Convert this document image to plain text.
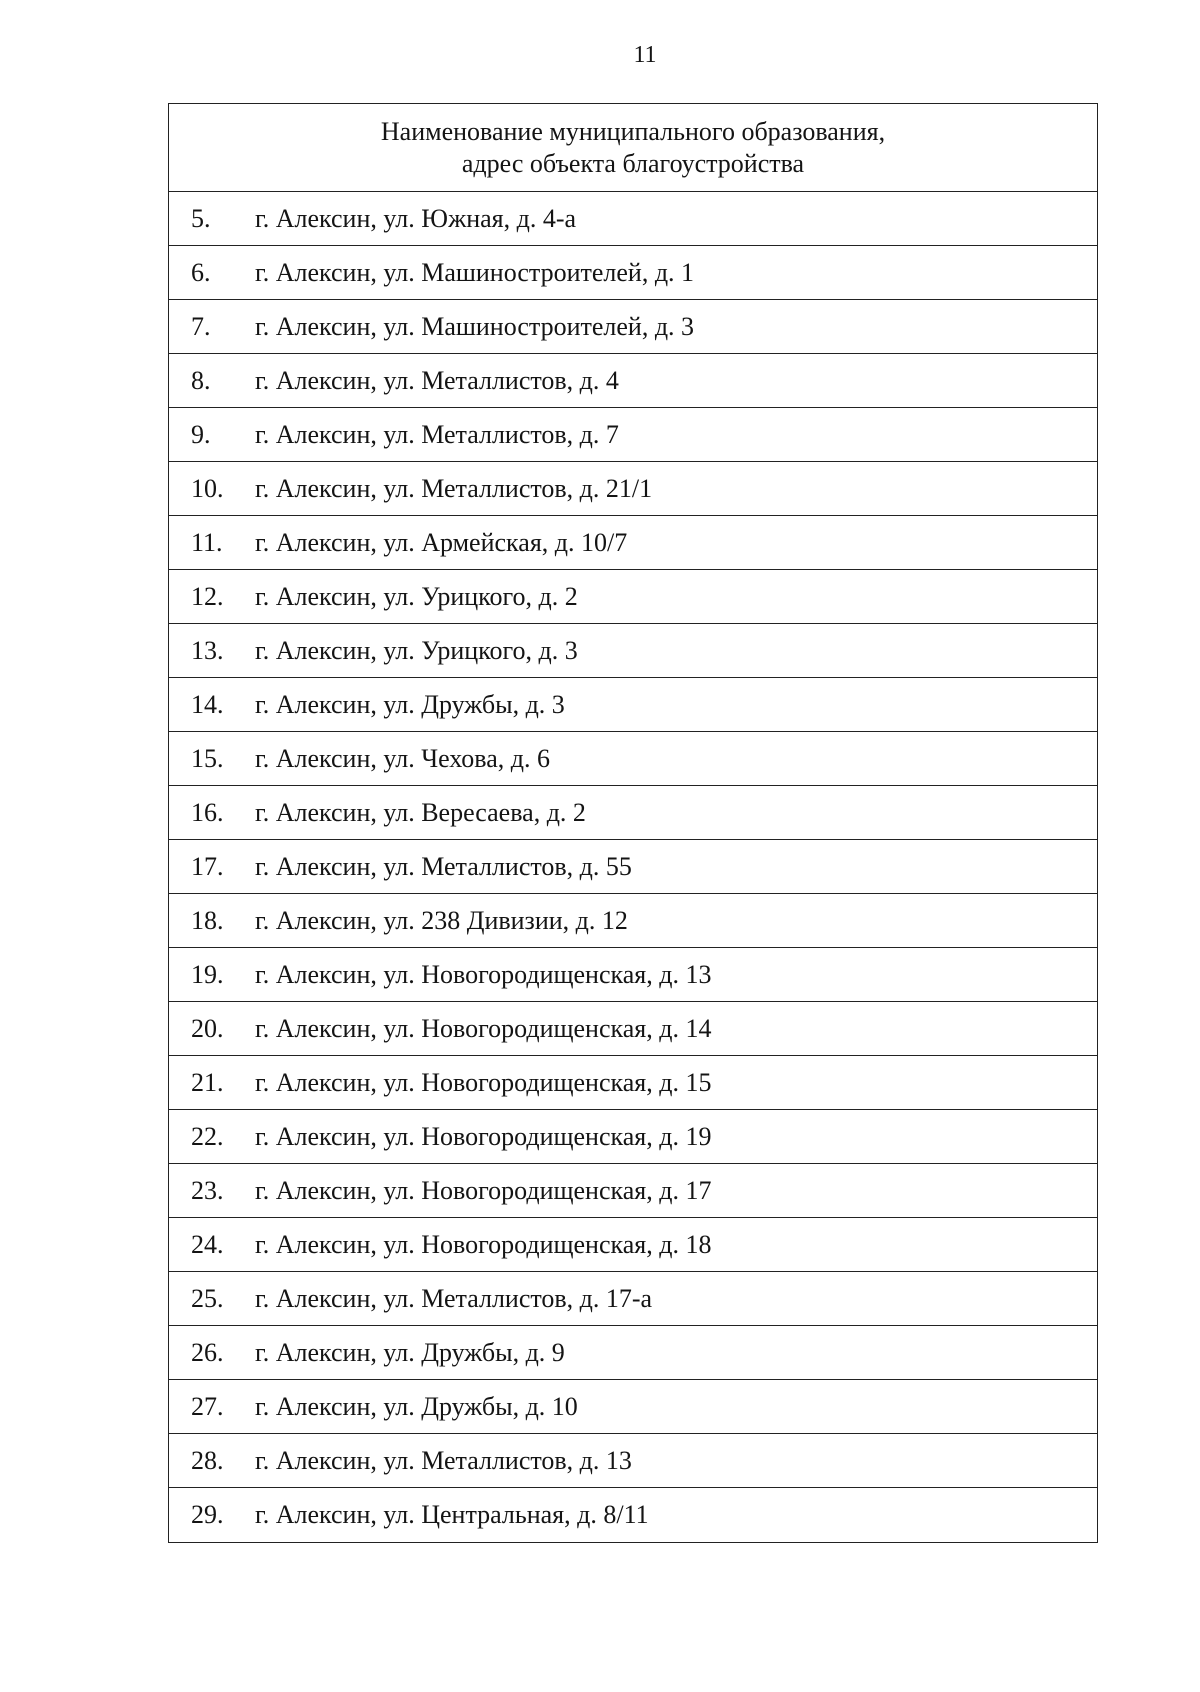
11
Наименование муниципального образования,
адрес объекта благоустройства
5.	г. Алексин, ул. Южная, д. 4-а
6.	г. Алексин, ул. Машиностроителей, д. 1
7.	г. Алексин, ул. Машиностроителей, д. 3
8.	г. Алексин, ул. Металлистов, д. 4
9.	г. Алексин, ул. Металлистов, д. 7
10.	г. Алексин, ул. Металлистов, д. 21/1
11.	г. Алексин, ул. Армейская, д. 10/7
12.	г. Алексин, ул. Урицкого, д. 2
13.	г. Алексин, ул. Урицкого, д. 3
14.	г. Алексин, ул. Дружбы, д. 3
15.	г. Алексин, ул. Чехова, д. 6
16.	г. Алексин, ул. Вересаева, д. 2
17.	г. Алексин, ул. Металлистов, д. 55
18.	г. Алексин, ул. 238 Дивизии, д. 12
19.	г. Алексин, ул. Новогородищенская, д. 13
20.	г. Алексин, ул. Новогородищенская, д. 14
21.	г. Алексин, ул. Новогородищенская, д. 15
22.	г. Алексин, ул. Новогородищенская, д. 19
23.	г. Алексин, ул. Новогородищенская, д. 17
24.	г. Алексин, ул. Новогородищенская, д. 18
25.	г. Алексин, ул. Металлистов, д. 17-а
26.	г. Алексин, ул. Дружбы, д. 9
27.	г. Алексин, ул. Дружбы, д. 10
28.	г. Алексин, ул. Металлистов, д. 13
29.	г. Алексин, ул. Центральная, д. 8/11
